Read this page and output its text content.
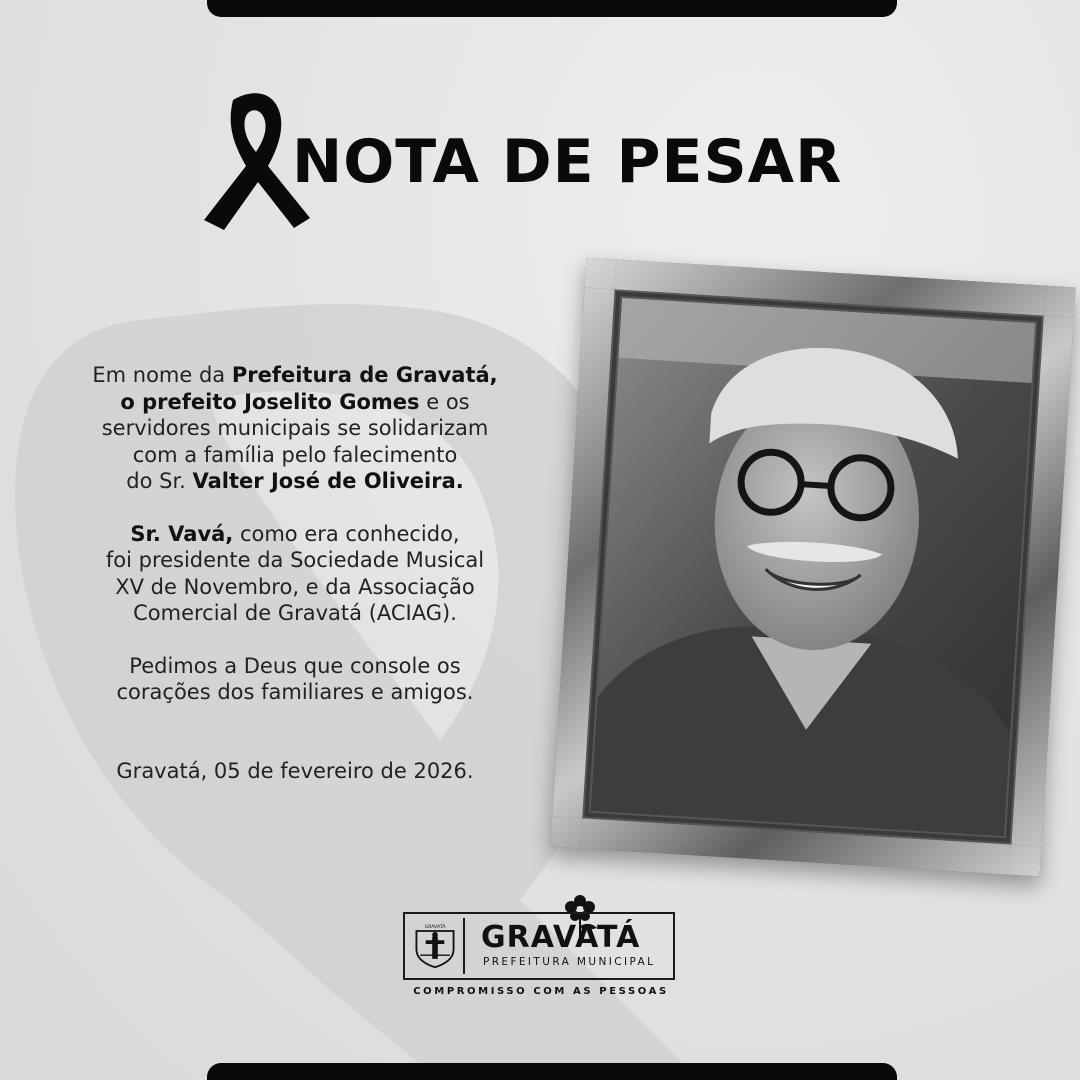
NOTA DE PESAR

Em nome da Prefeitura de Gravatá,
o prefeito Joselito Gomes e os
servidores municipais se solidarizam
com a família pelo falecimento
do Sr. Valter José de Oliveira.

Sr. Vavá, como era conhecido,
foi presidente da Sociedade Musical
XV de Novembro, e da Associação
Comercial de Gravatá (ACIAG).

Pedimos a Deus que console os
corações dos familiares e amigos.

Gravatá, 05 de fevereiro de 2026.

GRAVATÁ GRAVATÁ
PREFEITURA MUNICIPAL
COMPROMISSO COM AS PESSOAS
